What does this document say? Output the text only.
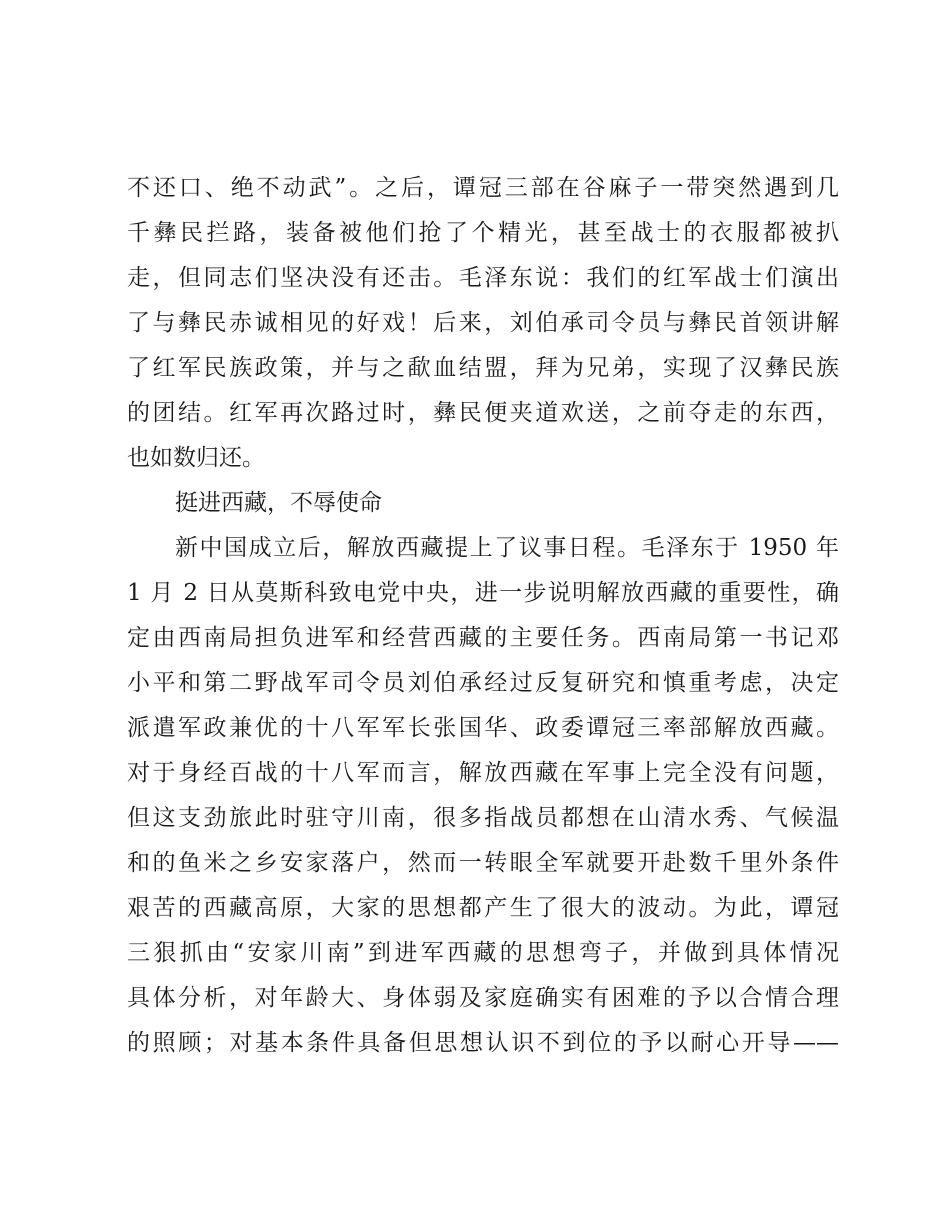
不还口、绝不动武”。之后，谭冠三部在谷麻子一带突然遇到几
千彝民拦路，装备被他们抢了个精光，甚至战士的衣服都被扒
走，但同志们坚决没有还击。毛泽东说：我们的红军战士们演出
了与彝民赤诚相见的好戏！后来，刘伯承司令员与彝民首领讲解
了红军民族政策，并与之歃血结盟，拜为兄弟，实现了汉彝民族
的团结。红军再次路过时，彝民便夹道欢送，之前夺走的东西，
也如数归还。
挺进西藏，不辱使命
新中国成立后，解放西藏提上了议事日程。毛泽东于 1950 年
1 月 2 日从莫斯科致电党中央，进一步说明解放西藏的重要性，确
定由西南局担负进军和经营西藏的主要任务。西南局第一书记邓
小平和第二野战军司令员刘伯承经过反复研究和慎重考虑，决定
派遣军政兼优的十八军军长张国华、政委谭冠三率部解放西藏。
对于身经百战的十八军而言，解放西藏在军事上完全没有问题，
但这支劲旅此时驻守川南，很多指战员都想在山清水秀、气候温
和的鱼米之乡安家落户，然而一转眼全军就要开赴数千里外条件
艰苦的西藏高原，大家的思想都产生了很大的波动。为此，谭冠
三狠抓由“安家川南”到进军西藏的思想弯子，并做到具体情况
具体分析，对年龄大、身体弱及家庭确实有困难的予以合情合理
的照顾；对基本条件具备但思想认识不到位的予以耐心开导——
